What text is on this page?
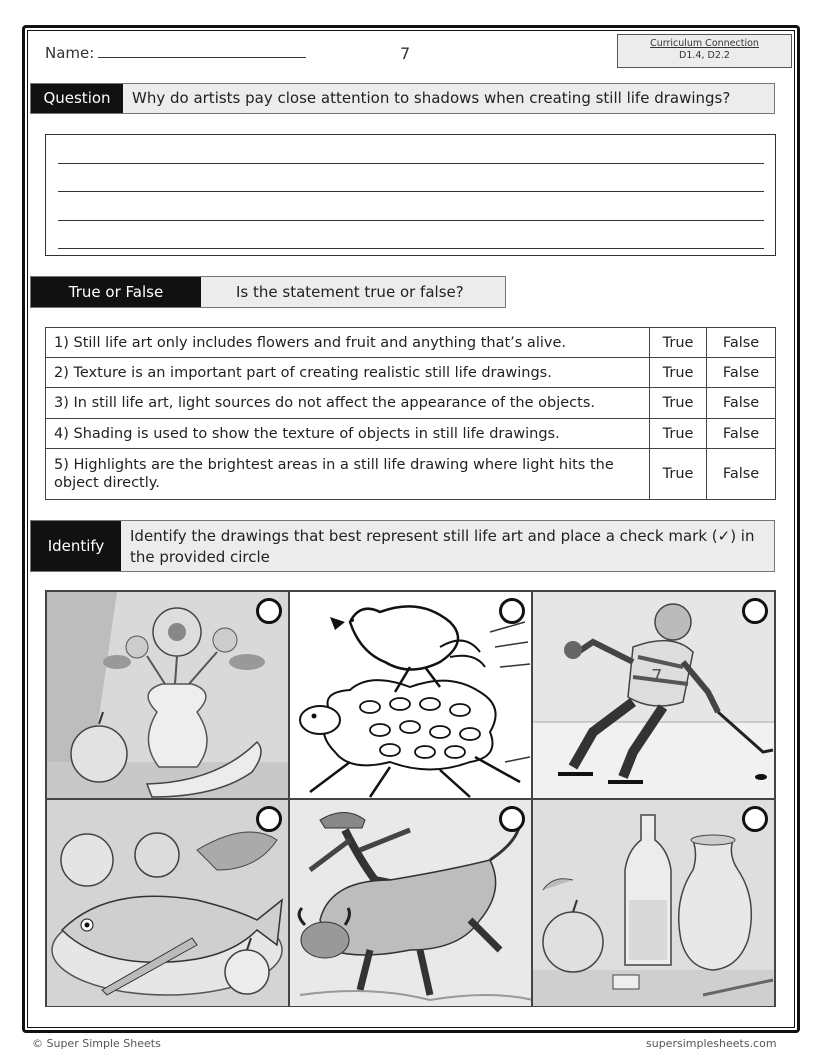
Name:	7
Curriculum Connection
D1.4, D2.2
Question	Why do artists pay close attention to shadows when creating still life drawings?
True or False	Is the statement true or false?
1) Still life art only includes flowers and fruit and anything that’s alive.	True	False
2) Texture is an important part of creating realistic still life drawings.	True	False
3) In still life art, light sources do not affect the appearance of the objects.	True	False
4) Shading is used to show the texture of objects in still life drawings.	True	False
5) Highlights are the brightest areas in a still life drawing where light hits the object directly.	True	False
Identify
Identify the drawings that best represent still life art and place a check mark (✓) in the provided circle
7
© Super Simple Sheets	supersimplesheets.com
